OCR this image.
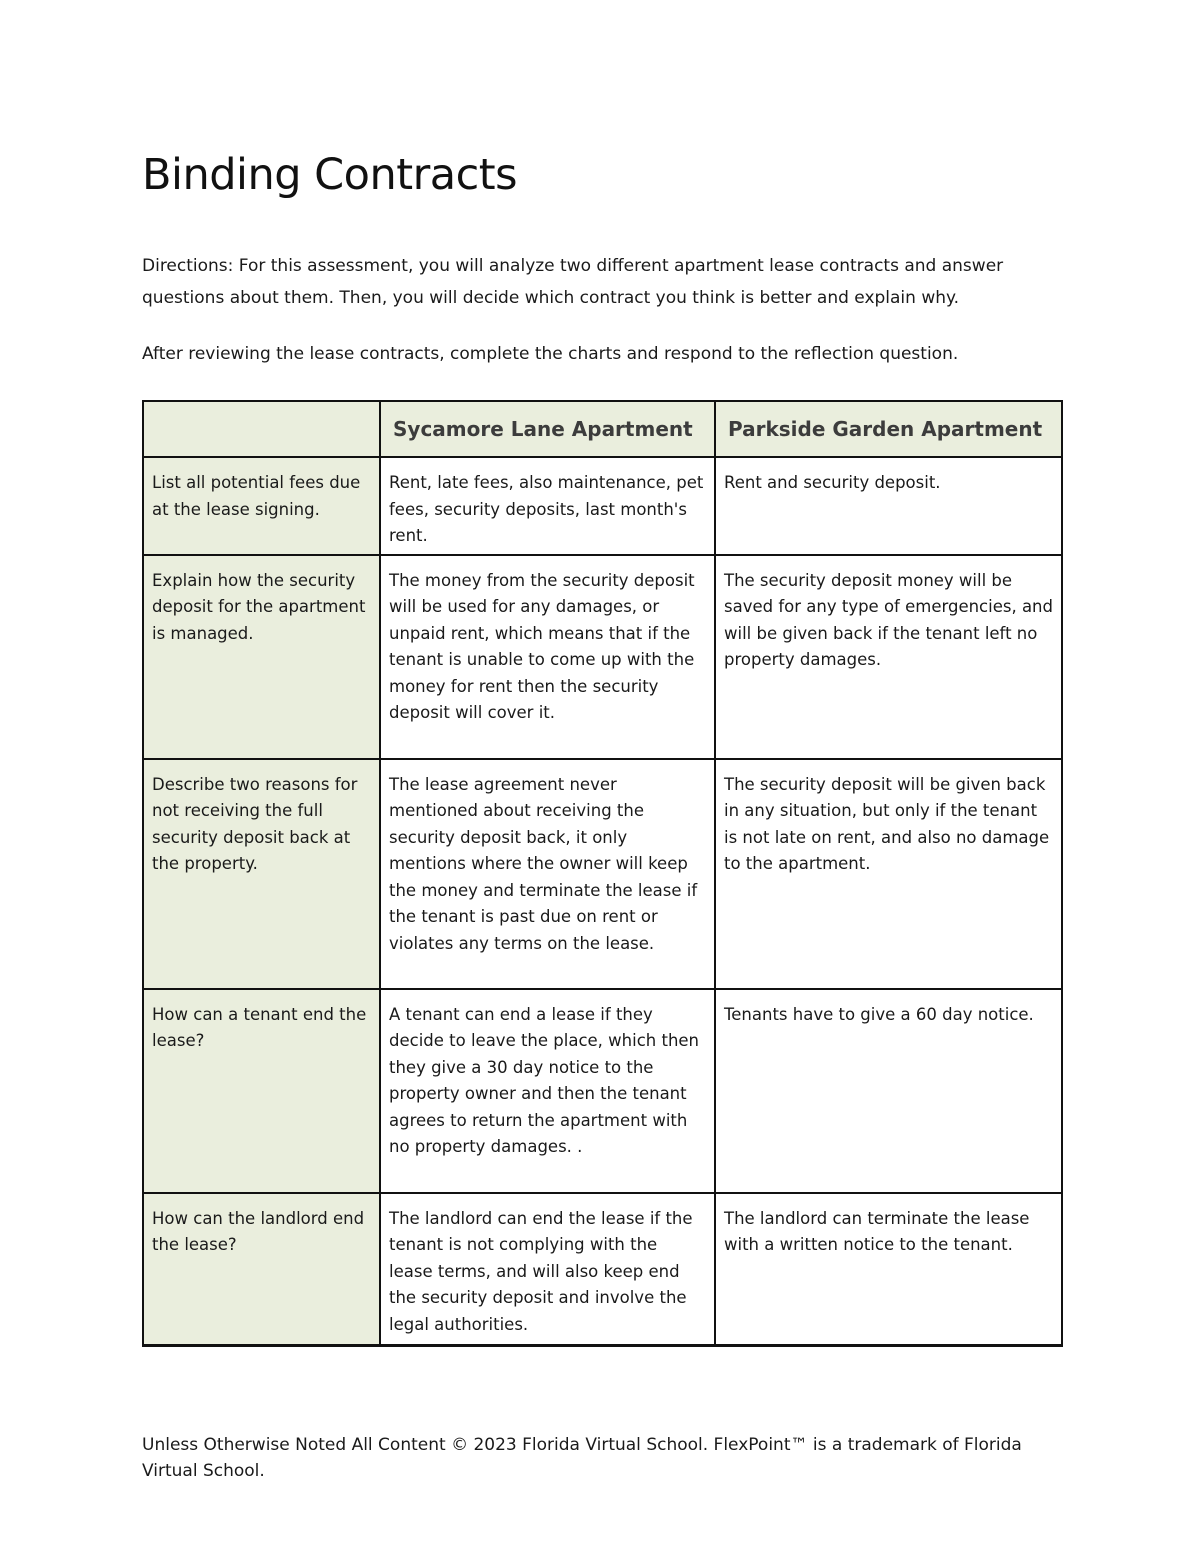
Binding Contracts

Directions: For this assessment, you will analyze two different apartment lease contracts and answer questions about them. Then, you will decide which contract you think is better and explain why.

After reviewing the lease contracts, complete the charts and respond to the reflection question.

	Sycamore Lane Apartment	Parkside Garden Apartment
List all potential fees due at the lease signing.	Rent, late fees, also maintenance, pet fees, security deposits, last month's rent.	Rent and security deposit.
Explain how the security deposit for the apartment is managed.	The money from the security deposit will be used for any damages, or unpaid rent, which means that if the tenant is unable to come up with the money for rent then the security deposit will cover it.	The security deposit money will be saved for any type of emergencies, and will be given back if the tenant left no property damages.
Describe two reasons for not receiving the full security deposit back at the property.	The lease agreement never mentioned about receiving the security deposit back, it only mentions where the owner will keep the money and terminate the lease if the tenant is past due on rent or violates any terms on the lease.	The security deposit will be given back in any situation, but only if the tenant is not late on rent, and also no damage to the apartment.
How can a tenant end the lease?	A tenant can end a lease if they decide to leave the place, which then they give a 30 day notice to the property owner and then the tenant agrees to return the apartment with no property damages. .	Tenants have to give a 60 day notice.
How can the landlord end the lease?	The landlord can end the lease if the tenant is not complying with the lease terms, and will also keep end the security deposit and involve the legal authorities.	The landlord can terminate the lease with a written notice to the tenant.

Unless Otherwise Noted All Content © 2023 Florida Virtual School. FlexPoint™ is a trademark of Florida Virtual School.
